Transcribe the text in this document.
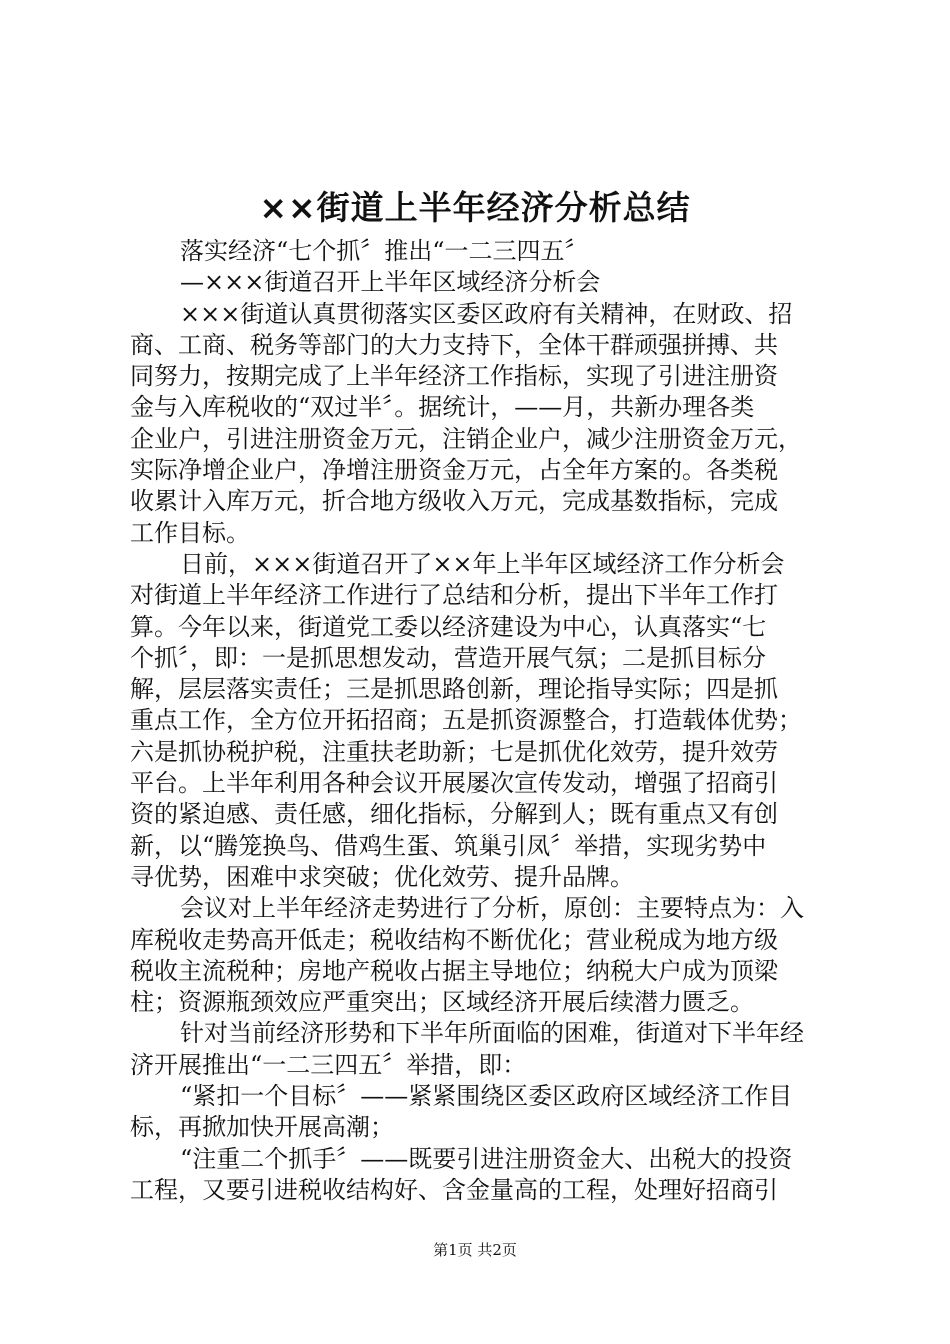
××街道上半年经济分析总结
落实经济“七个抓〞推出“一二三四五〞
—×××街道召开上半年区域经济分析会
×××街道认真贯彻落实区委区政府有关精神，在财政、招
商、工商、税务等部门的大力支持下，全体干群顽强拼搏、共
同努力，按期完成了上半年经济工作指标，实现了引进注册资
金与入库税收的“双过半〞。据统计，——月，共新办理各类
企业户，引进注册资金万元，注销企业户，减少注册资金万元，
实际净增企业户，净增注册资金万元，占全年方案的。各类税
收累计入库万元，折合地方级收入万元，完成基数指标，完成
工作目标。
日前，×××街道召开了××年上半年区域经济工作分析会
对街道上半年经济工作进行了总结和分析，提出下半年工作打
算。今年以来，街道党工委以经济建设为中心，认真落实“七
个抓〞，即：一是抓思想发动，营造开展气氛；二是抓目标分
解，层层落实责任；三是抓思路创新，理论指导实际；四是抓
重点工作，全方位开拓招商；五是抓资源整合，打造载体优势；
六是抓协税护税，注重扶老助新；七是抓优化效劳，提升效劳
平台。上半年利用各种会议开展屡次宣传发动，增强了招商引
资的紧迫感、责任感，细化指标，分解到人；既有重点又有创
新，以“腾笼换鸟、借鸡生蛋、筑巢引凤〞举措，实现劣势中
寻优势，困难中求突破；优化效劳、提升品牌。
会议对上半年经济走势进行了分析，原创：主要特点为：入
库税收走势高开低走；税收结构不断优化；营业税成为地方级
税收主流税种；房地产税收占据主导地位；纳税大户成为顶梁
柱；资源瓶颈效应严重突出；区域经济开展后续潜力匮乏。
针对当前经济形势和下半年所面临的困难，街道对下半年经
济开展推出“一二三四五〞举措，即：
“紧扣一个目标〞——紧紧围绕区委区政府区域经济工作目
标，再掀加快开展高潮；
“注重二个抓手〞——既要引进注册资金大、出税大的投资
工程，又要引进税收结构好、含金量高的工程，处理好招商引
第1页 共2页
